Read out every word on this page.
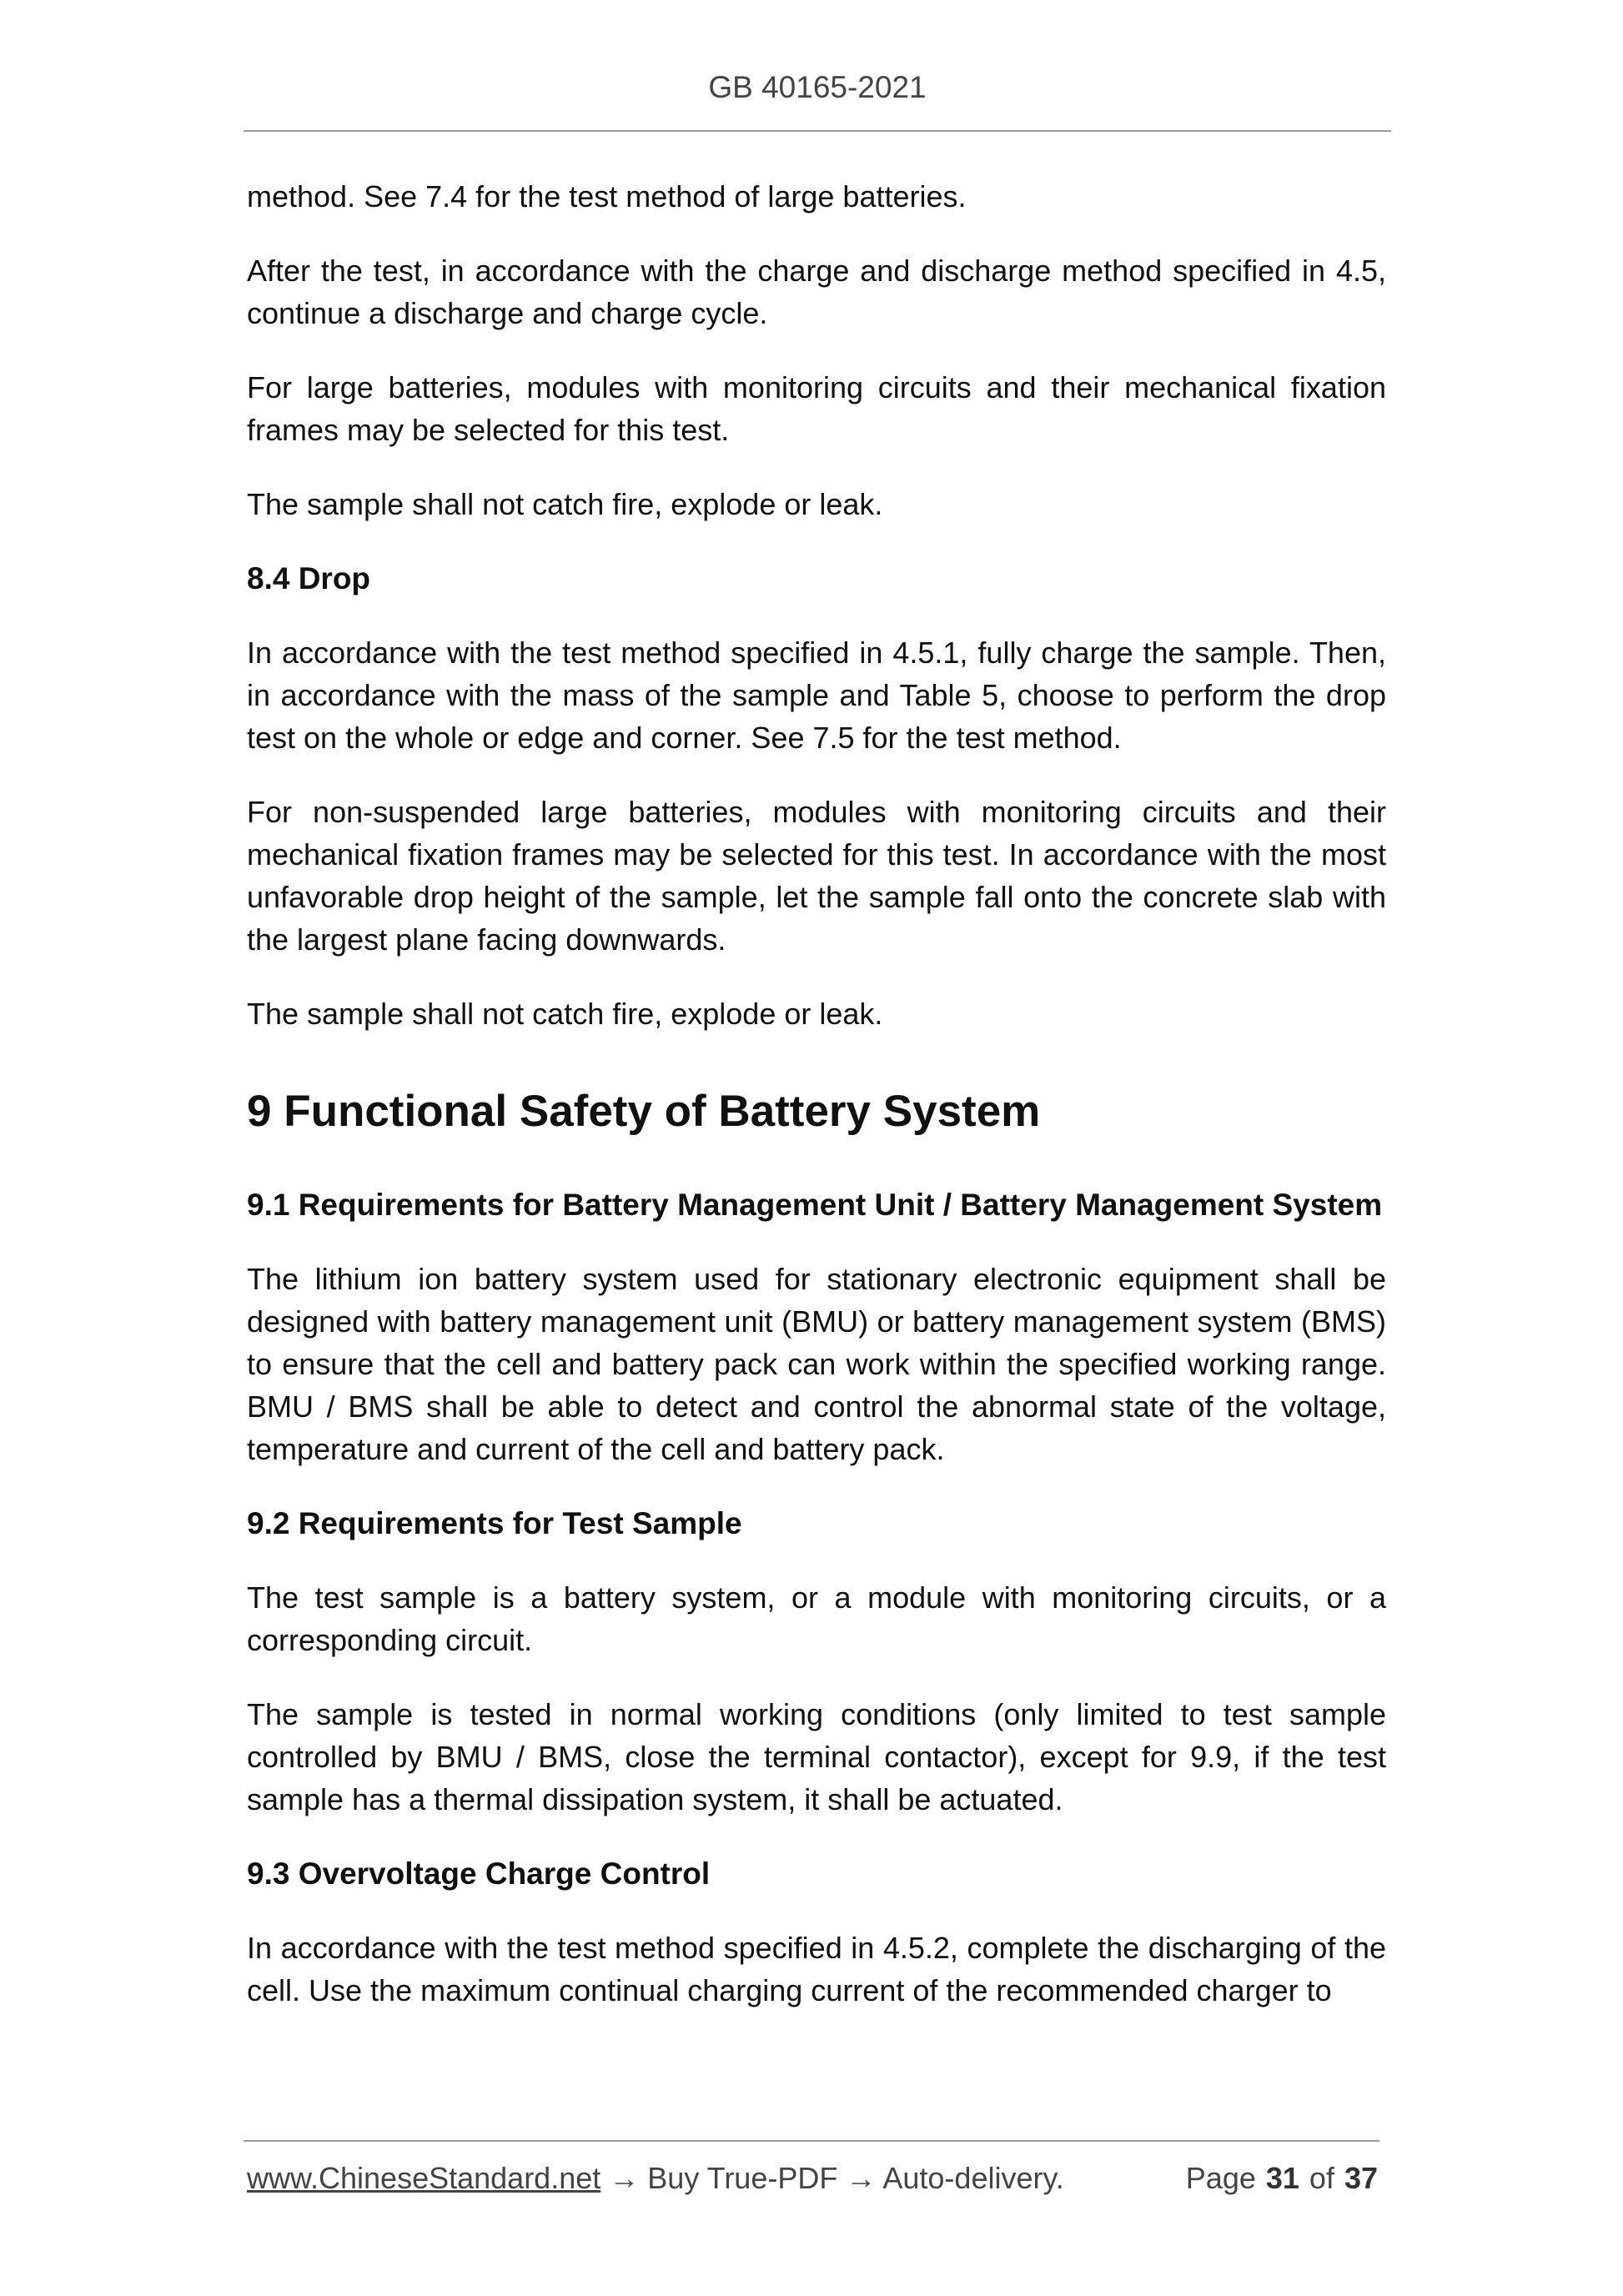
GB 40165-2021

method. See 7.4 for the test method of large batteries.

After the test, in accordance with the charge and discharge method specified in 4.5, continue a discharge and charge cycle.

For large batteries, modules with monitoring circuits and their mechanical fixation frames may be selected for this test.

The sample shall not catch fire, explode or leak.

8.4 Drop

In accordance with the test method specified in 4.5.1, fully charge the sample. Then, in accordance with the mass of the sample and Table 5, choose to perform the drop test on the whole or edge and corner. See 7.5 for the test method.

For non-suspended large batteries, modules with monitoring circuits and their mechanical fixation frames may be selected for this test. In accordance with the most unfavorable drop height of the sample, let the sample fall onto the concrete slab with the largest plane facing downwards.

The sample shall not catch fire, explode or leak.

9 Functional Safety of Battery System
9.1 Requirements for Battery Management Unit / Battery Management System

The lithium ion battery system used for stationary electronic equipment shall be designed with battery management unit (BMU) or battery management system (BMS) to ensure that the cell and battery pack can work within the specified working range. BMU / BMS shall be able to detect and control the abnormal state of the voltage, temperature and current of the cell and battery pack.

9.2 Requirements for Test Sample

The test sample is a battery system, or a module with monitoring circuits, or a corresponding circuit.

The sample is tested in normal working conditions (only limited to test sample controlled by BMU / BMS, close the terminal contactor), except for 9.9, if the test sample has a thermal dissipation system, it shall be actuated.

9.3 Overvoltage Charge Control

In accordance with the test method specified in 4.5.2, complete the discharging of the cell. Use the maximum continual charging current of the recommended charger to

www.ChineseStandard.net → Buy True-PDF → Auto-delivery.	Page 31 of 37
